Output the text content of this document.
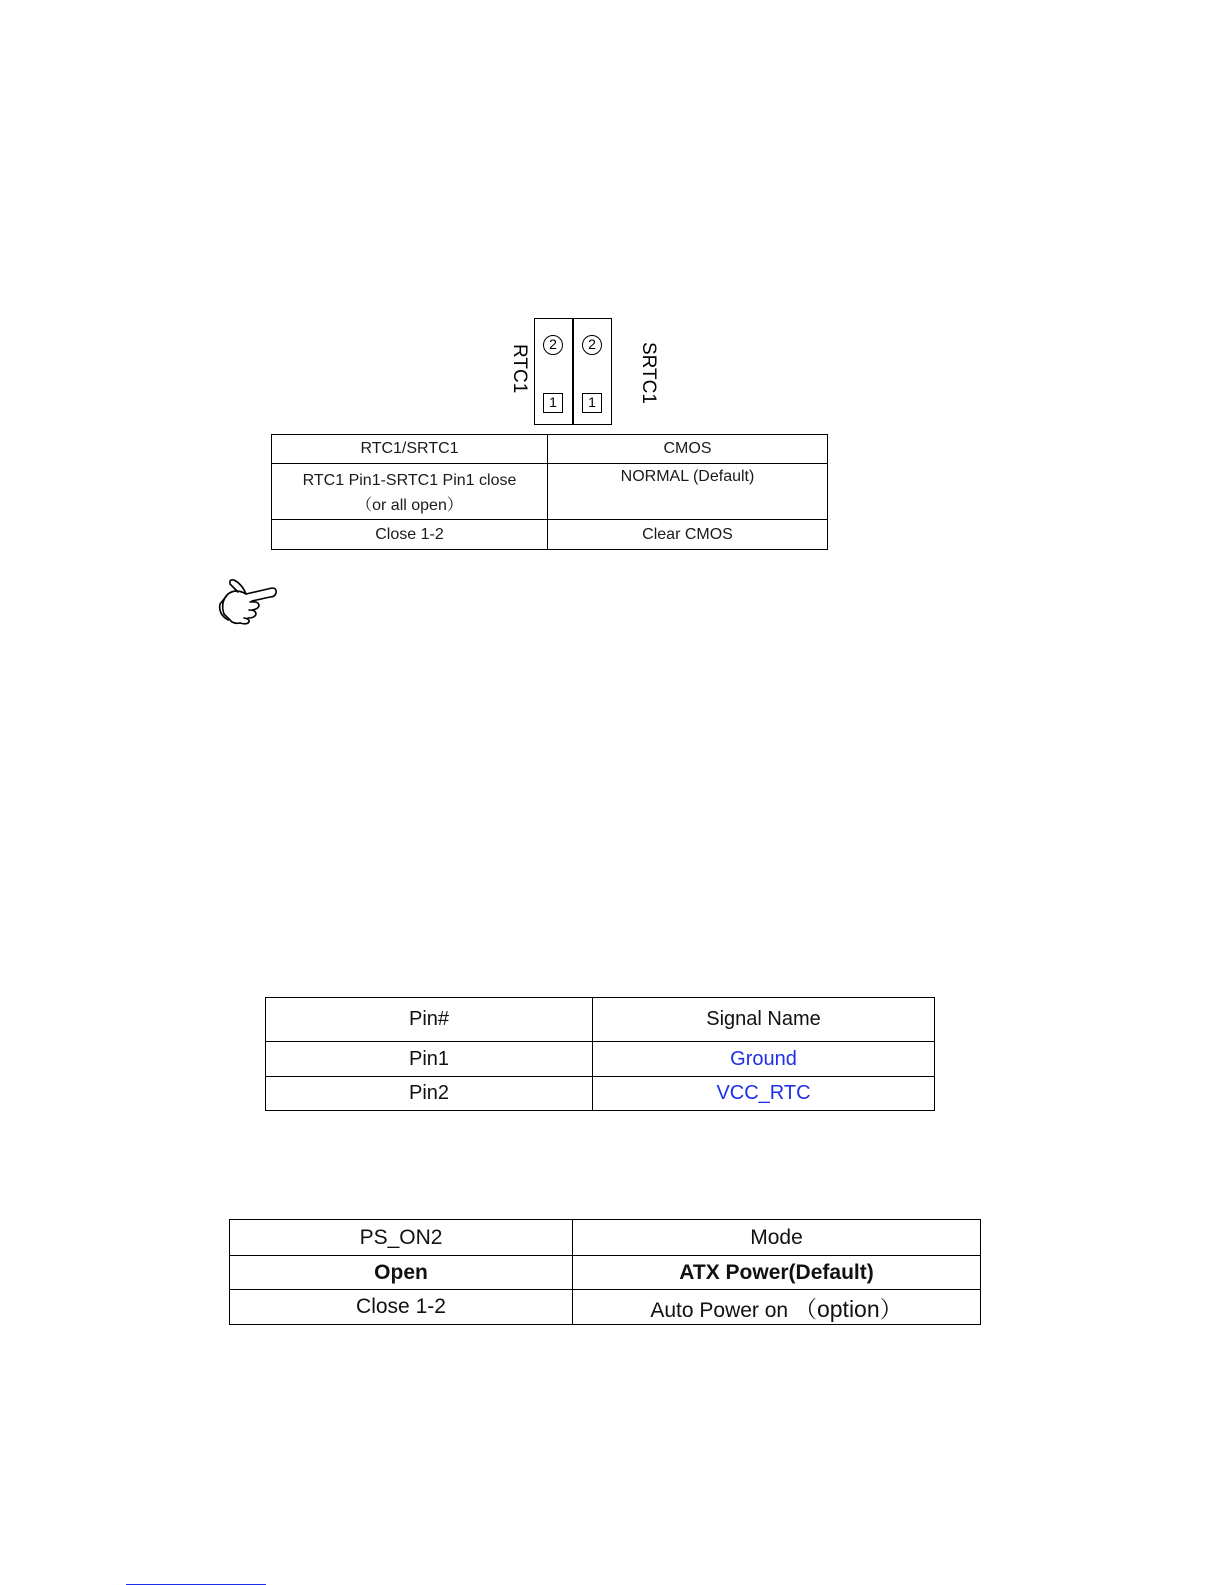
2
1
2
1
RTC1	SRTC1
RTC1/SRTC1	CMOS

RTC1 Pin1-SRTC1 Pin1 close
（or all open）	NORMAL (Default)
Close 1-2	Clear CMOS
Pin#	Signal Name
Pin1	Ground
Pin2	VCC_RTC
PS_ON2	Mode
Open	ATX Power(Default)
Close 1-2	Auto Power on （option）
